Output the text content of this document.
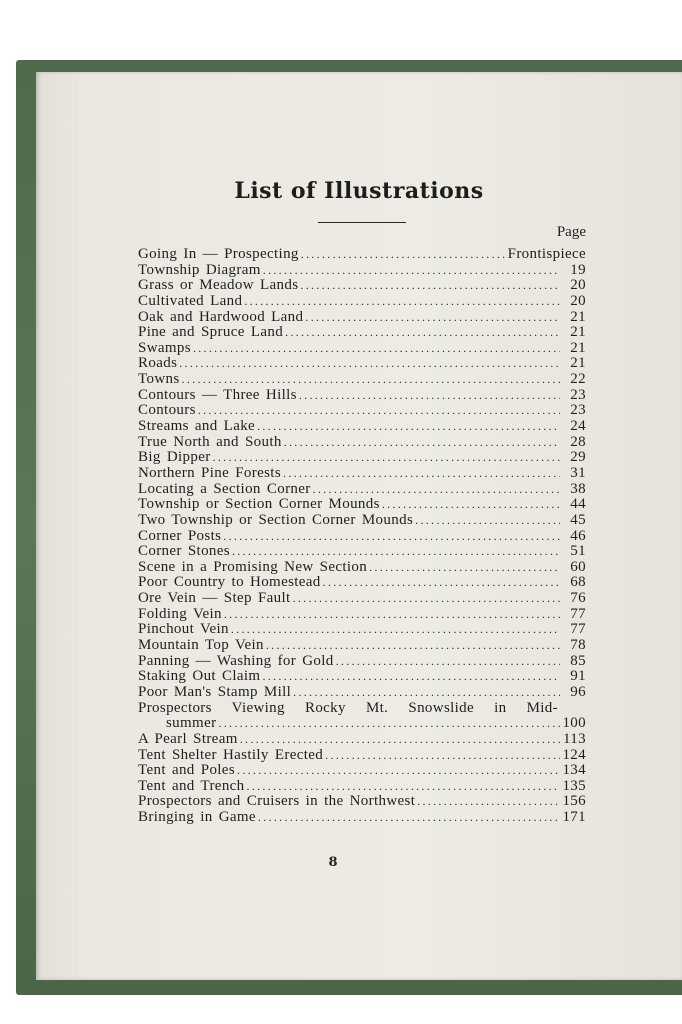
List of Illustrations
Page
Going In — Prospecting .....	Frontispiece
Township Diagram .....	19
Grass or Meadow Lands .....	20
Cultivated Land .....	20
Oak and Hardwood Land .....	21
Pine and Spruce Land .....	21
Swamps .....	21
Roads .....	21
Towns .....	22
Contours — Three Hills .....	23
Contours .....	23
Streams and Lake .....	24
True North and South .....	28
Big Dipper .....	29
Northern Pine Forests .....	31
Locating a Section Corner .....	38
Township or Section Corner Mounds .....	44
Two Township or Section Corner Mounds .....	45
Corner Posts .....	46
Corner Stones .....	51
Scene in a Promising New Section .....	60
Poor Country to Homestead .....	68
Ore Vein — Step Fault .....	76
Folding Vein .....	77
Pinchout Vein .....	77
Mountain Top Vein .....	78
Panning — Washing for Gold .....	85
Staking Out Claim .....	91
Poor Man's Stamp Mill .....	96
Prospectors Viewing Rocky Mt. Snowslide in Mid-
summer .....	100
A Pearl Stream .....	113
Tent Shelter Hastily Erected .....	124
Tent and Poles .....	134
Tent and Trench .....	135
Prospectors and Cruisers in the Northwest .....	156
Bringing in Game .....	171
8
